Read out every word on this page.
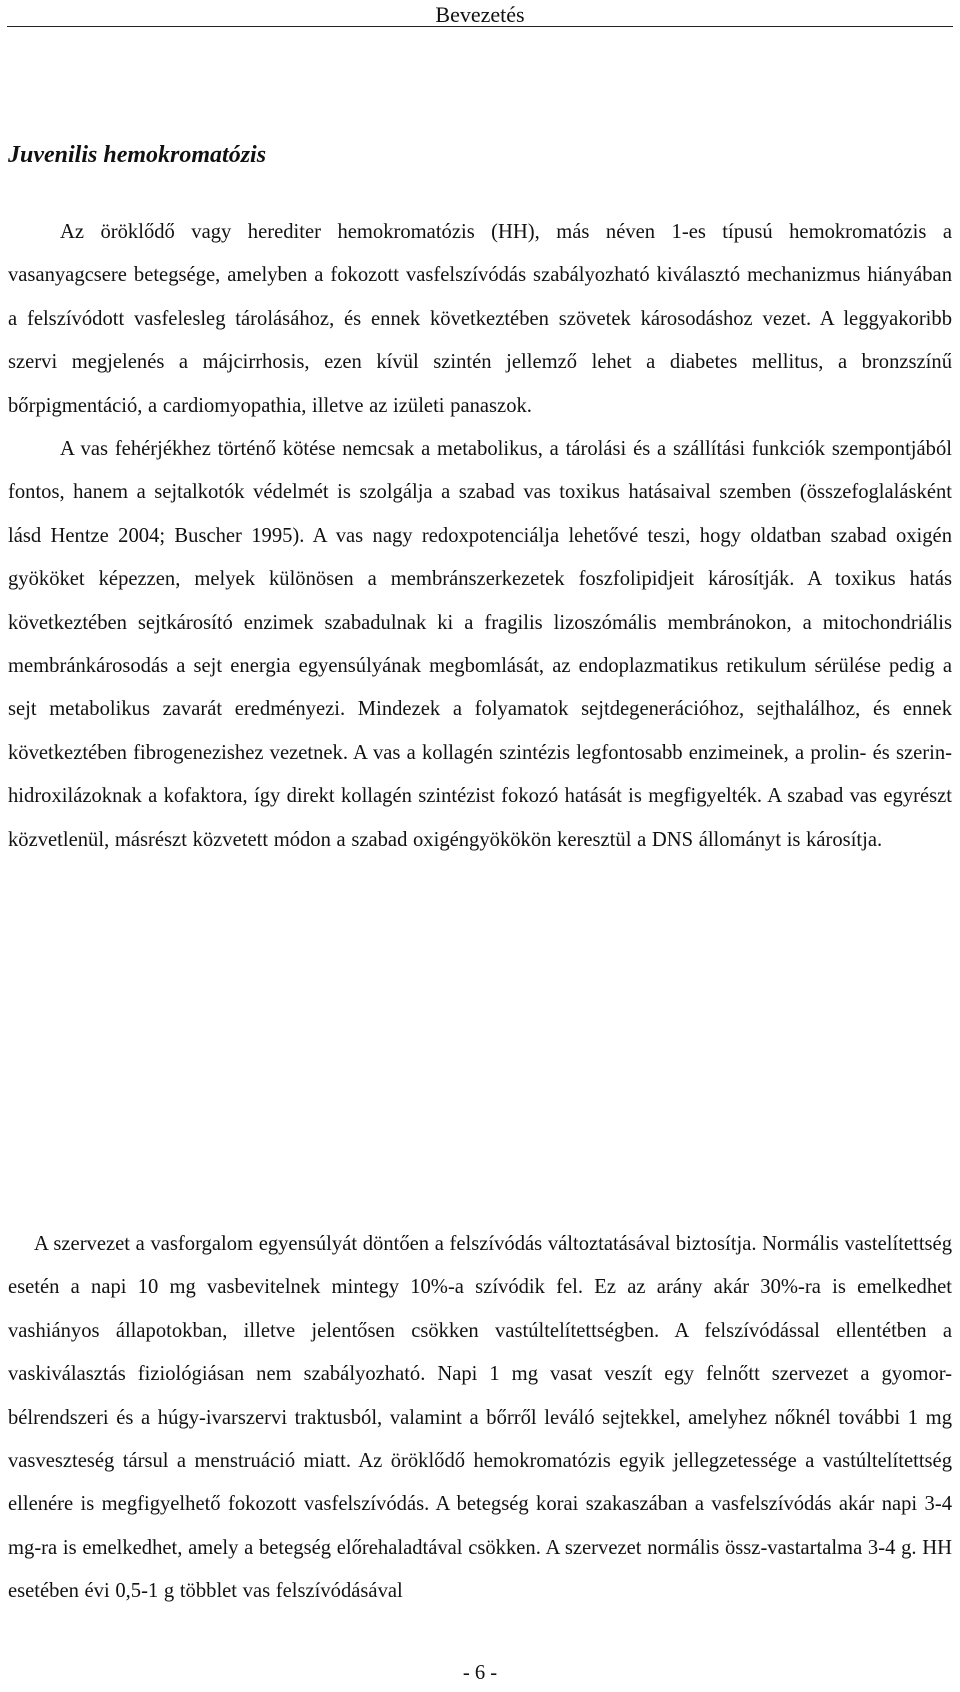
Bevezetés
Juvenilis hemokromatózis

Az öröklődő vagy herediter hemokromatózis (HH), más néven 1-es típusú hemokromatózis a vasanyagcsere betegsége, amelyben a fokozott vasfelszívódás szabályozható kiválasztó mechanizmus hiányában a felszívódott vasfelesleg tárolásához, és ennek következtében szövetek károsodáshoz vezet. A leggyakoribb szervi megjelenés a májcirrhosis, ezen kívül szintén jellemző lehet a diabetes mellitus, a bronzszínű bőrpigmentáció, a cardiomyopathia, illetve az izületi panaszok.
A vas fehérjékhez történő kötése nemcsak a metabolikus, a tárolási és a szállítási funkciók szempontjából fontos, hanem a sejtalkotók védelmét is szolgálja a szabad vas toxikus hatásaival szemben (összefoglalásként lásd Hentze 2004; Buscher 1995). A vas nagy redoxpotenciálja lehetővé teszi, hogy oldatban szabad oxigén gyököket képezzen, melyek különösen a membránszerkezetek foszfolipidjeit károsítják. A toxikus hatás következtében sejtkárosító enzimek szabadulnak ki a fragilis lizoszómális membránokon, a mitochondriális membránkárosodás a sejt energia egyensúlyának megbomlását, az endoplazmatikus retikulum sérülése pedig a sejt metabolikus zavarát eredményezi. Mindezek a folyamatok sejtdegenerációhoz, sejthalálhoz, és ennek következtében fibrogenezishez vezetnek. A vas a kollagén szintézis legfontosabb enzimeinek, a prolin- és szerin-hidroxilázoknak a kofaktora, így direkt kollagén szintézist fokozó hatását is megfigyelték. A szabad vas egyrészt közvetlenül, másrészt közvetett módon a szabad oxigéngyökökön keresztül a DNS állományt is károsítja.

A szervezet a vasforgalom egyensúlyát döntően a felszívódás változtatásával biztosítja. Normális vastelítettség esetén a napi 10 mg vasbevitelnek mintegy 10%-a szívódik fel. Ez az arány akár 30%-ra is emelkedhet vashiányos állapotokban, illetve jelentősen csökken vastúltelítettségben. A felszívódással ellentétben a vaskiválasztás fiziológiásan nem szabályozható. Napi 1 mg vasat veszít egy felnőtt szervezet a gyomor-bélrendszeri és a húgy-ivarszervi traktusból, valamint a bőrről leváló sejtekkel, amelyhez nőknél további 1 mg vasveszteség társul a menstruáció miatt. Az öröklődő hemokromatózis egyik jellegzetessége a vastúltelítettség ellenére is megfigyelhető fokozott vasfelszívódás. A betegség korai szakaszában a vasfelszívódás akár napi 3-4 mg-ra is emelkedhet, amely a betegség előrehaladtával csökken. A szervezet normális össz-vastartalma 3-4 g. HH esetében évi 0,5-1 g többlet vas felszívódásával

- 6 -
